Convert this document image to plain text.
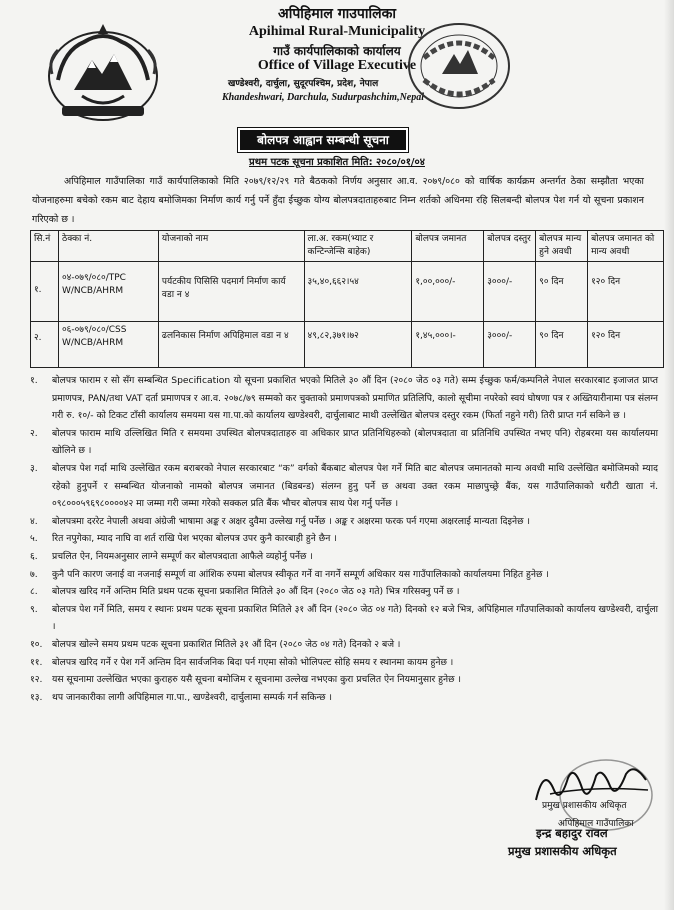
अपिहिमाल गाउपालिका
Apihimal Rural-Municipality
गाउँ कार्यपालिकाको कार्यालय
Office of Village Executive
खण्डेश्वरी, दार्चुला, सुदूरपश्चिम, प्रदेश, नेपाल
Khandeshwari, Darchula, Sudurpashchim,Nepal
बोलपत्र आह्वान सम्बन्धी सूचना
प्रथम पटक सूचना प्रकाशित मिति: २०८०/०१/०४
अपिहिमाल गाउँपालिका गाउँ कार्यपालिकाको मिति २०७९/१२/२९ गते बैठकको निर्णय अनुसार आ.व. २०७९/०८० को वार्षिक कार्यक्रम अन्तर्गत ठेका सम्झौता भएका योजनाहरुमा बचेको रकम बाट देहाय बमोजिमका निर्माण कार्य गर्नु पर्ने हुँदा ईच्छुक योग्य बोलपत्रदाताहरुबाट निम्न शर्तको अधिनमा रहि सिलबन्दी बोलपत्र पेश गर्न यो सूचना प्रकाशन गरिएको छ ।
सि.नं	ठेक्का नं.	योजनाको नाम	ला.अ. रकम(भ्याट र कन्टिन्जेन्सि बाहेक)	बोलपत्र जमानत	बोलपत्र दस्तुर	बोलपत्र मान्य हुने अवधी	बोलपत्र जमानत को मान्य अवधी
१.	०४-०७९/०८०/TPC W/NCB/AHRM	पर्यटकीय पिसिसि पदमार्ग निर्माण कार्य वडा न ४	३५,४०,६६२।५४	१,००,०००/-	३०००/-	९० दिन	१२० दिन
२.	०६-०७९/०८०/CSS W/NCB/AHRM	ढलनिकास निर्माण अपिहिमाल वडा न ४	४९,८२,३७१।७२	१,४५,०००।-	३०००/-	९० दिन	१२० दिन
१.	बोलपत्र फाराम र सो सँग सम्बन्धित Specification यो सूचना प्रकाशित भएको मितिले ३० औं दिन (२०८० जेठ ०३ गते) सम्म ईच्छुक फर्म/कम्पनिले नेपाल सरकारबाट इजाजत प्राप्त प्रमाणपत्र, PAN/तथा VAT दर्ता प्रमाणपत्र र आ.व. २०७८/७९ सम्मको कर चुक्ताको प्रमाणपत्रको प्रमाणित प्रतिलिपि, कालो सूचीमा नपरेको स्वयं घोषणा पत्र र अख्तियारीनामा पत्र संलग्न गरी रु. १०/- को टिकट टाँसी कार्यालय समयमा यस गा.पा.को कार्यालय खण्डेश्वरी, दार्चुलाबाट माथी उल्लेखित बोलपत्र दस्तुर रकम (फिर्ता नहुने गरी) तिरी प्राप्त गर्न सकिने छ ।
२.	बोलपत्र फाराम माथि उल्लिखित मिति र समयमा उपस्थित बोलपत्रदाताहरु वा अधिकार प्राप्त प्रतिनिधिहरुको (बोलपत्रदाता वा प्रतिनिधि उपस्थित नभए पनि) रोहबरमा यस कार्यालयमा खोलिने छ ।
३.	बोलपत्र पेश गर्दा माथि उल्लेखित रकम बराबरको नेपाल सरकारबाट “क” वर्गको बैंकबाट बोलपत्र पेश गर्ने मिति बाट बोलपत्र जमानतको मान्य अवधी माथि उल्लेखित बमोजिमको म्याद रहेको हुनुपर्ने र सम्बन्धित योजनाको नामको बोलपत्र जमानत (बिडबन्ड) संलग्न हुनु पर्ने छ अथवा उक्त रकम माछापुच्छ्रे बैंक, यस गाउँपालिकाको धरौटी खाता नं. ०९८०००५९६९८००००४२ मा जम्मा गरी जम्मा गरेको सक्कल प्रति बैंक भौचर बोलपत्र साथ पेश गर्नु पर्नेछ ।
४.	बोलपत्रमा दररेट नेपाली अथवा अंग्रेजी भाषामा अङ्क र अक्षर दुवैमा उल्लेख गर्नु पर्नेछ । अङ्क र अक्षरमा फरक पर्न गएमा अक्षरलाई मान्यता दिइनेछ ।
५.	रित नपुगेका, म्याद नाघि वा शर्त राखि पेश भएका बोलपत्र उपर कुनै कारबाही हुने छैन ।
६.	प्रचलित ऐन, नियमअनुसार लाग्ने सम्पूर्ण कर बोलपत्रदाता आफैले व्यहोर्नु पर्नेछ ।
७.	कुनै पनि कारण जनाई वा नजनाई सम्पूर्ण वा आंशिक रुपमा बोलपत्र स्वीकृत गर्ने वा नगर्ने सम्पूर्ण अधिकार यस गाउँपालिकाको कार्यालयमा निहित हुनेछ ।
८.	बोलपत्र खरिद गर्ने अन्तिम मिति प्रथम पटक सूचना प्रकाशित मितिले ३० औं दिन (२०८० जेठ ०३ गते) भित्र गरिसक्नु पर्ने छ ।
९.	बोलपत्र पेश गर्ने मिति, समय र स्थानः प्रथम पटक सूचना प्रकाशित मितिले ३१ औं दिन (२०८० जेठ ०४ गते) दिनको १२ बजे भित्र, अपिहिमाल गाँउपालिकाको कार्यालय खण्डेश्वरी, दार्चुला ।
१०.	बोलपत्र खोल्ने समय प्रथम पटक सूचना प्रकाशित मितिले ३१ औं दिन (२०८० जेठ ०४ गते) दिनको २ बजे ।
११.	बोलपत्र खरिद गर्ने र पेश गर्ने अन्तिम दिन सार्वजनिक बिदा पर्न गएमा सोको भोलिपल्ट सोहि समय र स्थानमा कायम हुनेछ ।
१२.	यस सूचनामा उल्लेखित भएका कुराहरु यसै सूचना बमोजिम र सूचनामा उल्लेख नभएका कुरा प्रचलित ऐन नियमानुसार हुनेछ ।
१३.	थप जानकारीका लागी अपिहिमाल गा.पा., खण्डेश्वरी, दार्चुलामा सम्पर्क गर्न सकिन्छ ।
प्रमुख प्रशासकीय अधिकृत
अपिहिमाल गाउँपालिका
इन्द्र बहादुर रावल
प्रमुख प्रशासकीय अधिकृत
